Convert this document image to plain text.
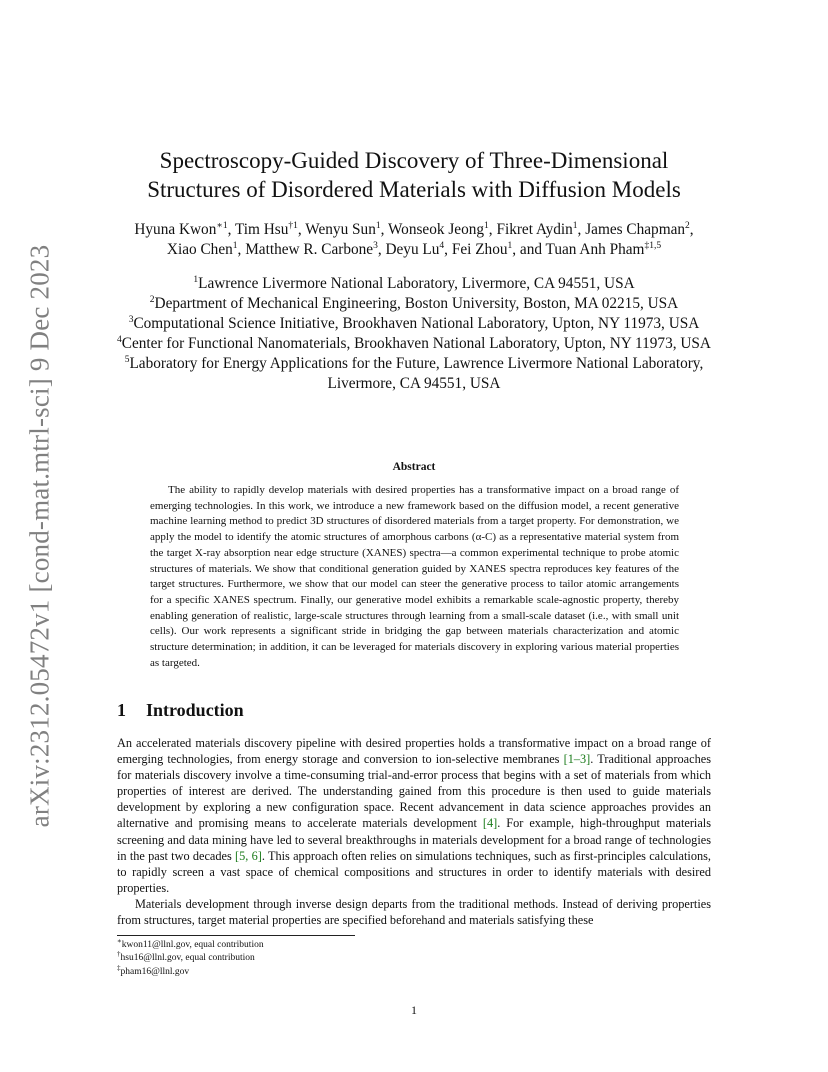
arXiv:2312.05472v1 [cond-mat.mtrl-sci] 9 Dec 2023
Spectroscopy-Guided Discovery of Three-Dimensional
Structures of Disordered Materials with Diffusion Models
Hyuna Kwon$^{∗1}$, Tim Hsu$^{\dagger 1}$, Wenyu Sun$^1$, Wonseok Jeong$^1$, Fikret Aydin$^1$, James Chapman$^2$,
Xiao Chen$^1$, Matthew R. Carbone$^3$, Deyu Lu$^4$, Fei Zhou$^1$, and Tuan Anh Pham$^{\ddagger 1,5}$
$^1$Lawrence Livermore National Laboratory, Livermore, CA 94551, USA
$^2$Department of Mechanical Engineering, Boston University, Boston, MA 02215, USA
$^3$Computational Science Initiative, Brookhaven National Laboratory, Upton, NY 11973, USA
$^4$Center for Functional Nanomaterials, Brookhaven National Laboratory, Upton, NY 11973, USA
$^5$Laboratory for Energy Applications for the Future, Lawrence Livermore National Laboratory, Livermore, CA 94551, USA
Abstract
The ability to rapidly develop materials with desired properties has a transformative impact on a broad range of emerging technologies. In this work, we introduce a new framework based on the diffusion model, a recent generative machine learning method to predict 3D structures of disordered materials from a target property. For demonstration, we apply the model to identify the atomic structures of amorphous carbons (α-C) as a representative material system from the target X-ray absorption near edge structure (XANES) spectra—a common experimental technique to probe atomic structures of materials. We show that conditional generation guided by XANES spectra reproduces key features of the target structures. Furthermore, we show that our model can steer the generative process to tailor atomic arrangements for a specific XANES spectrum. Finally, our generative model exhibits a remarkable scale-agnostic property, thereby enabling generation of realistic, large-scale structures through learning from a small-scale dataset (i.e., with small unit cells). Our work represents a significant stride in bridging the gap between materials characterization and atomic structure determination; in addition, it can be leveraged for materials discovery in exploring various material properties as targeted.
1 Introduction

An accelerated materials discovery pipeline with desired properties holds a transformative impact on a broad range of emerging technologies, from energy storage and conversion to ion-selective membranes [1–3]. Traditional approaches for materials discovery involve a time-consuming trial-and-error process that begins with a set of materials from which properties of interest are derived. The understanding gained from this procedure is then used to guide materials development by exploring a new configuration space. Recent advancement in data science approaches provides an alternative and promising means to accelerate materials development [4]. For example, high-throughput materials screening and data mining have led to several breakthroughs in materials development for a broad range of technologies in the past two decades [5, 6]. This approach often relies on simulations techniques, such as first-principles calculations, to rapidly screen a vast space of chemical compositions and structures in order to identify materials with desired properties.

Materials development through inverse design departs from the traditional methods. Instead of deriving properties from structures, target material properties are specified beforehand and materials satisfying these

∗kwon11@llnl.gov, equal contribution
†hsu16@llnl.gov, equal contribution
‡pham16@llnl.gov
1
